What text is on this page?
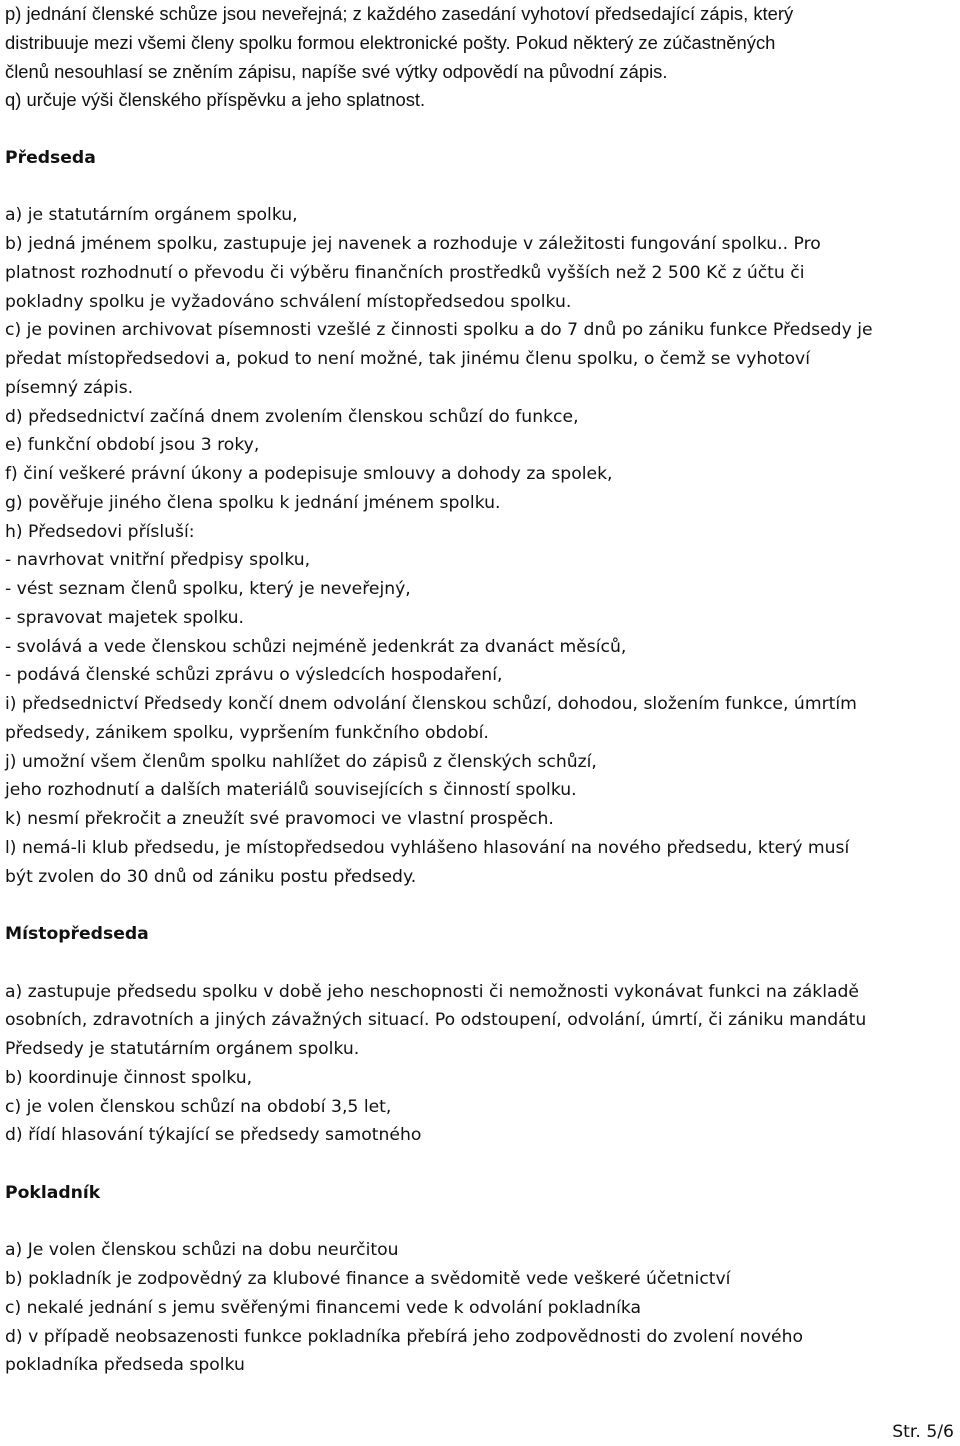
p) jednání členské schůze jsou neveřejná; z každého zasedání vyhotoví předsedající zápis, který
distribuuje mezi všemi členy spolku formou elektronické pošty. Pokud některý ze zúčastněných
členů nesouhlasí se zněním zápisu, napíše své výtky odpovědí na původní zápis.
q) určuje výši členského příspěvku a jeho splatnost.
Předseda
a) je statutárním orgánem spolku,
b) jedná jménem spolku, zastupuje jej navenek a rozhoduje v záležitosti fungování spolku.. Pro
platnost rozhodnutí o převodu či výběru finančních prostředků vyšších než 2 500 Kč z účtu či
pokladny spolku je vyžadováno schválení místopředsedou spolku.
c) je povinen archivovat písemnosti vzešlé z činnosti spolku a do 7 dnů po zániku funkce Předsedy je
předat místopředsedovi a, pokud to není možné, tak jinému členu spolku, o čemž se vyhotoví
písemný zápis.
d) předsednictví začíná dnem zvolením členskou schůzí do funkce,
e) funkční období jsou 3 roky,
f) činí veškeré právní úkony a podepisuje smlouvy a dohody za spolek,
g) pověřuje jiného člena spolku k jednání jménem spolku.
h) Předsedovi přísluší:
- navrhovat vnitřní předpisy spolku,
- vést seznam členů spolku, který je neveřejný,
- spravovat majetek spolku.
- svolává a vede členskou schůzi nejméně jedenkrát za dvanáct měsíců,
- podává členské schůzi zprávu o výsledcích hospodaření,
i) předsednictví Předsedy končí dnem odvolání členskou schůzí, dohodou, složením funkce, úmrtím
předsedy, zánikem spolku, vypršením funkčního období.
j) umožní všem členům spolku nahlížet do zápisů z členských schůzí,
jeho rozhodnutí a dalších materiálů souvisejících s činností spolku.
k) nesmí překročit a zneužít své pravomoci ve vlastní prospěch.
l) nemá-li klub předsedu, je místopředsedou vyhlášeno hlasování na nového předsedu, který musí
být zvolen do 30 dnů od zániku postu předsedy.
Místopředseda
a) zastupuje předsedu spolku v době jeho neschopnosti či nemožnosti vykonávat funkci na základě
osobních, zdravotních a jiných závažných situací. Po odstoupení, odvolání, úmrtí, či zániku mandátu
Předsedy je statutárním orgánem spolku.
b) koordinuje činnost spolku,
c) je volen členskou schůzí na období 3,5 let,
d) řídí hlasování týkající se předsedy samotného
Pokladník
a) Je volen členskou schůzi na dobu neurčitou
b) pokladník je zodpovědný za klubové finance a svědomitě vede veškeré účetnictví
c) nekalé jednání s jemu svěřenými financemi vede k odvolání pokladníka
d) v případě neobsazenosti funkce pokladníka přebírá jeho zodpovědnosti do zvolení nového
pokladníka předseda spolku
Str. 5/6
